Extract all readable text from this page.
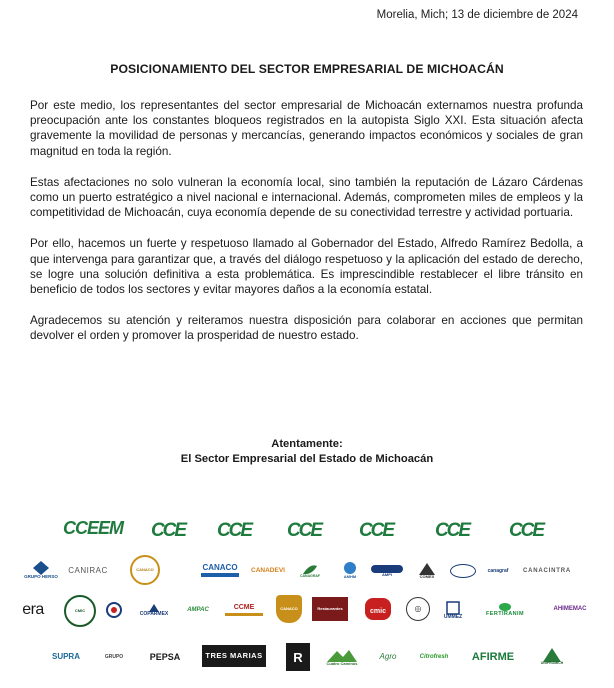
Morelia, Mich; 13 de diciembre de 2024
POSICIONAMIENTO DEL SECTOR EMPRESARIAL DE MICHOACÁN

Por este medio, los representantes del sector empresarial de Michoacán externamos nuestra profunda preocupación ante los constantes bloqueos registrados en la autopista Siglo XXI. Esta situación afecta gravemente la movilidad de personas y mercancías, generando impactos económicos y sociales de gran magnitud en toda la región.

Estas afectaciones no solo vulneran la economía local, sino también la reputación de Lázaro Cárdenas como un puerto estratégico a nivel nacional e internacional. Además, comprometen miles de empleos y la competitividad de Michoacán, cuya economía depende de su conectividad terrestre y actividad portuaria.

Por ello, hacemos un fuerte y respetuoso llamado al Gobernador del Estado, Alfredo Ramírez Bedolla, a que intervenga para garantizar que, a través del diálogo respetuoso y la aplicación del estado de derecho, se logre una solución definitiva a esta problemática. Es imprescindible restablecer el libre tránsito en beneficio de todos los sectores y evitar mayores daños a la economía estatal.

Agradecemos su atención y reiteramos nuestra disposición para colaborar en acciones que permitan devolver el orden y promover la prosperidad de nuestro estado.

Atentamente:
El Sector Empresarial del Estado de Michoacán
CCEEM
CCE CCE CCE CCE CCE CCE
GRUPO HERSO
CANIRAC	CANACO	CANACO CANADEVI
CANAGRAF	AMHM	AMPI	COMEX
canagraf CANACINTRA
era	CMIC	COPARMEX
AMPAC	CCME	CANACO	Restaurantes	cmic	◎
UMMEZ	FERTIRANIM
AHIMEMAC
SUPRA	GRUPO	PEPSA	TRES MARIAS R	Cuatro Caminos
Agro	Citrofresh AFIRME
UNIPROMICH
